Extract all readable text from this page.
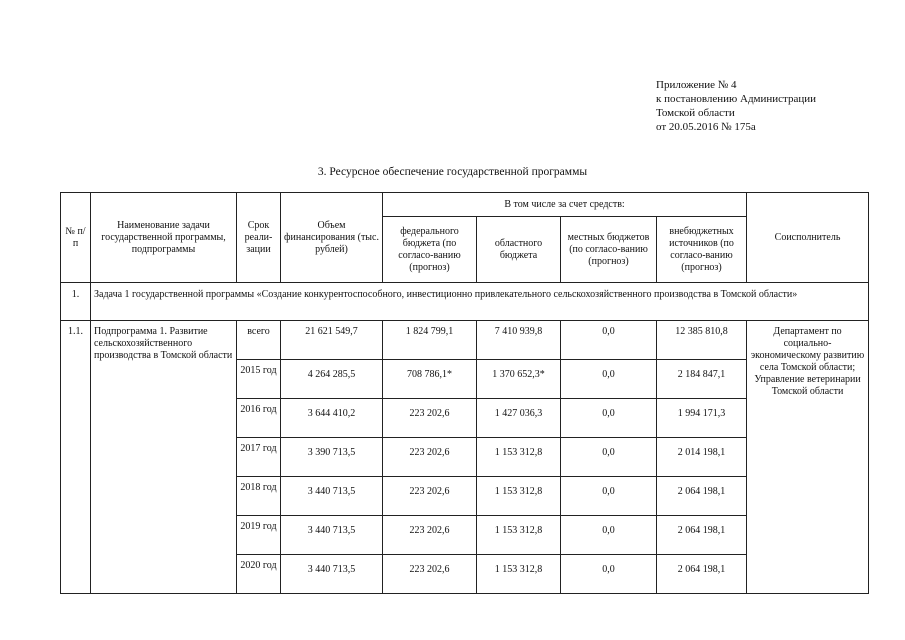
Приложение № 4
к постановлению Администрации
Томской области
от 20.05.2016 № 175а
3. Ресурсное обеспечение государственной программы
№ п/п	Наименование задачи государственной программы, подпрограммы	Срок реали-зации	Объем финансирования (тыс. рублей)	В том числе за счет средств:				Соисполнитель
				федерального бюджета (по согласо-ванию (прогноз)	областного бюджета	местных бюджетов (по согласо-ванию (прогноз)	внебюджетных источников (по согласо-ванию (прогноз)	
1.	Задача 1 государственной программы «Создание конкурентоспособного, инвестиционно привлекательного сельскохозяйственного производства в Томской области»							
1.1.	Подпрограмма 1. Развитие сельскохозяйственного производства в Томской области	всего	21 621 549,7	1 824 799,1	7 410 939,8	0,0	12 385 810,8	Департамент по социально-экономическому развитию села Томской области; Управление ветеринарии Томской области
		2015 год	4 264 285,5	708 786,1*	1 370 652,3*	0,0	2 184 847,1	
		2016 год	3 644 410,2	223 202,6	1 427 036,3	0,0	1 994 171,3	
		2017 год	3 390 713,5	223 202,6	1 153 312,8	0,0	2 014 198,1	
		2018 год	3 440 713,5	223 202,6	1 153 312,8	0,0	2 064 198,1	
		2019 год	3 440 713,5	223 202,6	1 153 312,8	0,0	2 064 198,1	
		2020 год	3 440 713,5	223 202,6	1 153 312,8	0,0	2 064 198,1	
